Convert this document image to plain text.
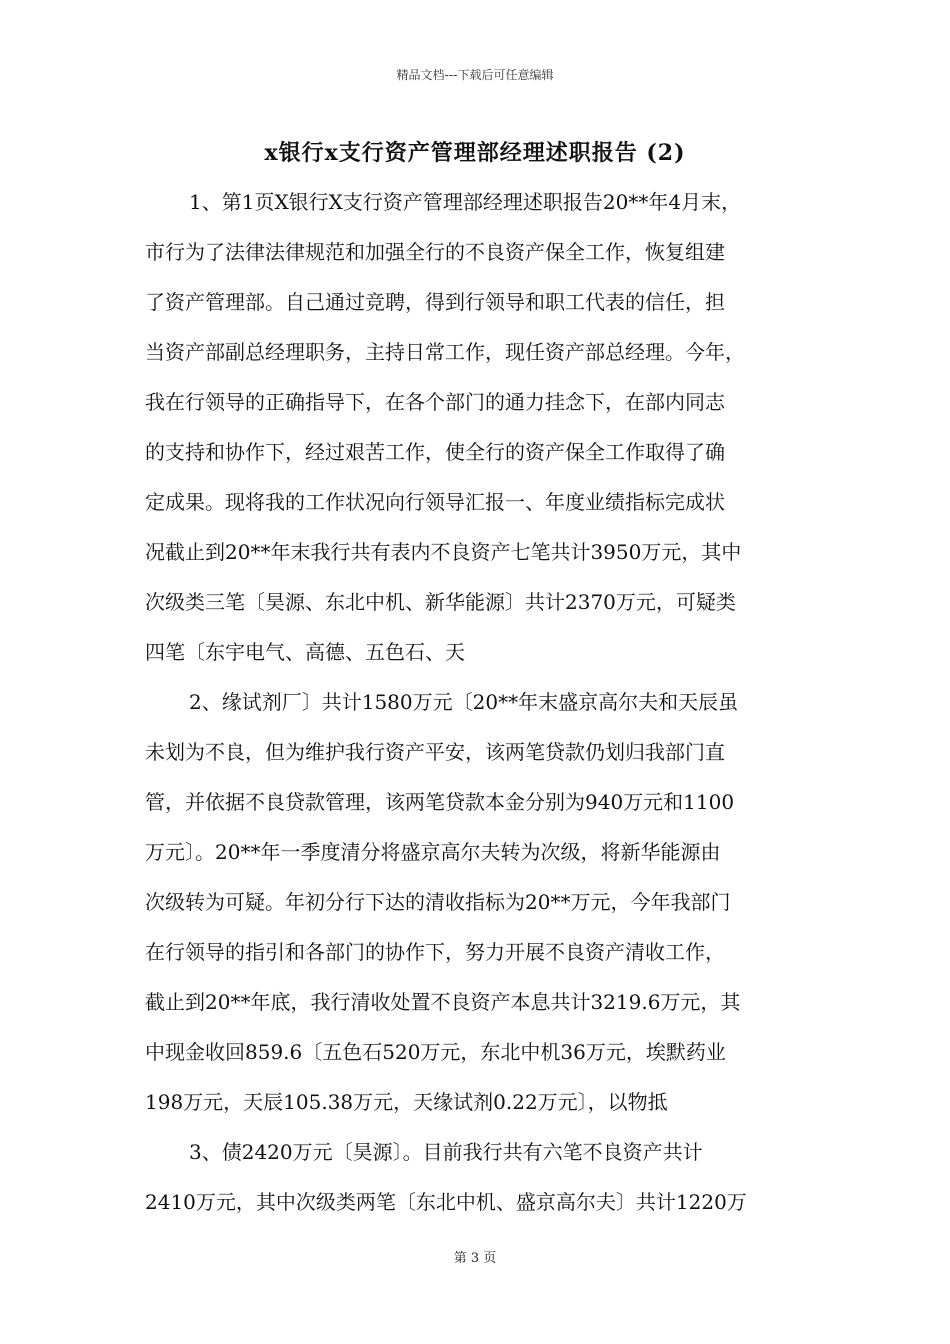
精品文档---下载后可任意编辑
x银行x支行资产管理部经理述职报告 (2)
1、第1页X银行X支行资产管理部经理述职报告20**年4月末，
市行为了法律法律规范和加强全行的不良资产保全工作，恢复组建
了资产管理部。自己通过竞聘，得到行领导和职工代表的信任，担
当资产部副总经理职务，主持日常工作，现任资产部总经理。今年，
我在行领导的正确指导下，在各个部门的通力挂念下，在部内同志
的支持和协作下，经过艰苦工作，使全行的资产保全工作取得了确
定成果。现将我的工作状况向行领导汇报一、年度业绩指标完成状
况截止到20**年末我行共有表内不良资产七笔共计3950万元，其中
次级类三笔〔昊源、东北中机、新华能源〕共计2370万元，可疑类
四笔〔东宇电气、高德、五色石、天
2、缘试剂厂〕共计1580万元〔20**年末盛京高尔夫和天辰虽
未划为不良，但为维护我行资产平安，该两笔贷款仍划归我部门直
管，并依据不良贷款管理，该两笔贷款本金分别为940万元和1100
万元〕。20**年一季度清分将盛京高尔夫转为次级，将新华能源由
次级转为可疑。年初分行下达的清收指标为20**万元，今年我部门
在行领导的指引和各部门的协作下，努力开展不良资产清收工作，
截止到20**年底，我行清收处置不良资产本息共计3219.6万元，其
中现金收回859.6〔五色石520万元，东北中机36万元，埃默药业
198万元，天辰105.38万元，天缘试剂0.22万元〕，以物抵
3、债2420万元〔昊源〕。目前我行共有六笔不良资产共计
2410万元，其中次级类两笔〔东北中机、盛京高尔夫〕共计1220万
第 3 页
